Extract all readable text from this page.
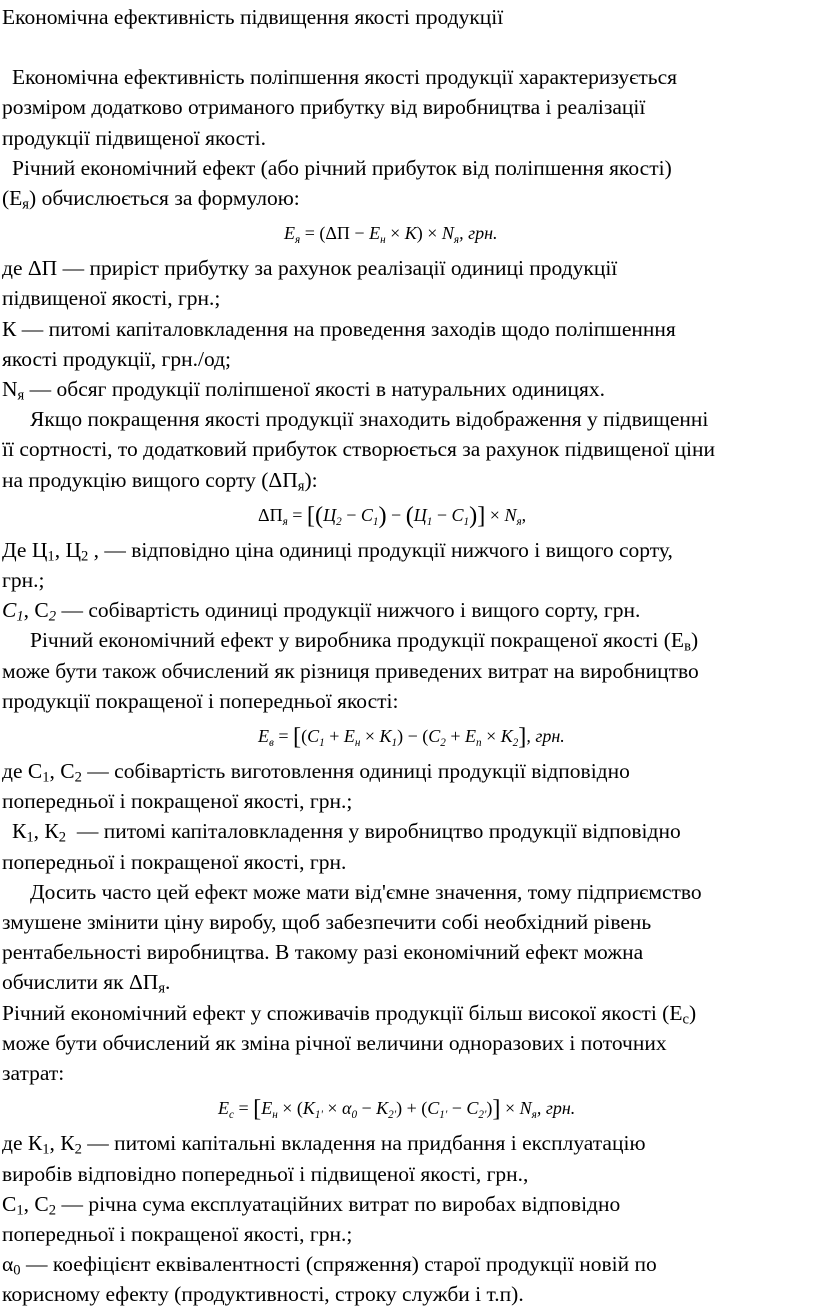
Економічна ефективність підвищення якості продукції
Економічна ефективність поліпшення якості продукції характеризується
розміром додатково отриманого прибутку від виробництва і реалізації
продукції підвищеної якості.
Річний економічний ефект (або річний прибуток від поліпшення якості)
$(Е_я)$ обчислюється за формулою:
$Е_я = (\Delta П - Е_н \times К) \times N_я$, грн.
де ΔП — приріст прибутку за рахунок реалізації одиниці продукції
підвищеної якості, грн.;
К — питомі капіталовкладення на проведення заходів щодо поліпшенння
якості продукції, грн./од;
$N_я$ — обсяг продукції поліпшеної якості в натуральних одиницях.
Якщо покращення якості продукції знаходить відображення у підвищенні
її сортності, то додатковий прибуток створюється за рахунок підвищеної ціни
на продукцію вищого сорту $(\Delta П_я)$:
$\Delta П_я = [(Ц_2 - С_1) - (Ц_1 - С_1)] \times N_я$,
Де $Ц_1$, $Ц_2$ , — відповідно ціна одиниці продукції нижчого і вищого сорту,
грн.;
$C_1$, $C_2$ — собівартість одиниці продукції нижчого і вищого сорту, грн.
Річний економічний ефект у виробника продукції покращеної якості $(Е_в)$
може бути також обчислений як різниця приведених витрат на виробництво
продукції покращеної і попередньої якості:
$Е_в = [(С_1 + Е_н \times К_1) - (С_2 + Е_п \times К_2]$, грн.
де $С_1$, $С_2$ — собівартість виготовлення одиниці продукції відповідно
попередньої і покращеної якості, грн.;
$К_1$, $К_2$  — питомі капіталовкладення у виробництво продукції відповідно
попередньої і покращеної якості, грн.
Досить часто цей ефект може мати від'ємне значення, тому підприємство
змушене змінити ціну виробу, щоб забезпечити собі необхідний рівень
рентабельності виробництва. В такому разі економічний ефект можна
обчислити як $\Delta П_я$.
Річний економічний ефект у споживачів продукції більш високої якості $(Е_с)$
може бути обчислений як зміна річної величини одноразових і поточних
затрат:
$Е_с = [Е_н \times (К_{1'} \times \alpha_0 - К_{2'}) + (С_{1'} - С_{2'})] \times N_я$, грн.
де $К_1$, $К_2$ — питомі капітальні вкладення на придбання і експлуатацію
виробів відповідно попередньої і підвищеної якості, грн.,
$С_1$, $С_2$ — річна сума експлуатаційних витрат по виробах відповідно
попередньої і покращеної якості, грн.;
$\alpha_0$ — коефіцієнт еквівалентності (спряження) старої продукції новій по
корисному ефекту (продуктивності, строку служби і т.п).
